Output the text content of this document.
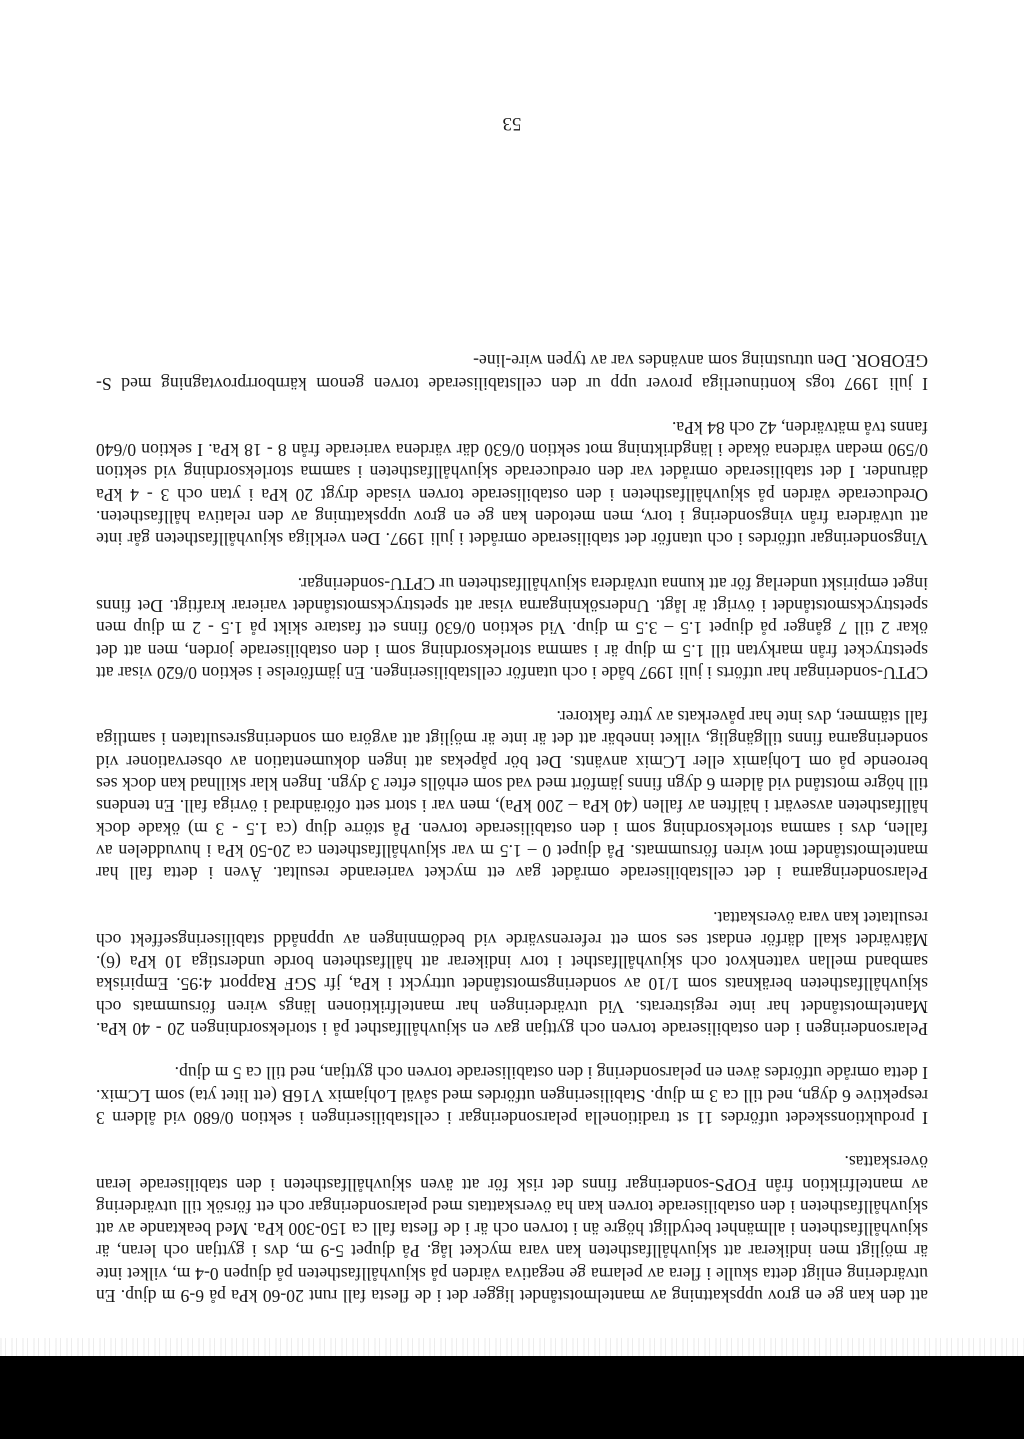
att den kan ge en grov uppskattning av mantelmotståndet ligger det i de flesta fall runt 20-60 kPa på 6-9 m djup. En utvärdering enligt detta skulle i flera av pelarna ge negativa värden på skjuvhållfastheten på djupen 0-4 m, vilket inte är möjligt men indikerar att skjuvhållfastheten kan vara mycket låg. På djupet 5-9 m, dvs i gyttjan och leran, är skjuvhållfastheten i allmänhet betydligt högre än i torven och är i de flesta fall ca 150-300 kPa. Med beaktande av att skjuvhållfastheten i den ostabiliserade torven kan ha överskattats med pelarsonderingar och ett försök till utvärdering av mantelfriktion från FOPS-sonderingar finns det risk för att även skjuvhållfastheten i den stabiliserade leran överskattas.

I produktionsskedet utfördes 11 st traditionella pelarsonderingar i cellstabiliseringen i sektion 0/680 vid åldern 3 respektive 6 dygn, ned till ca 3 m djup. Stabiliseringen utfördes med såväl Lohjamix V16B (ett litet yta) som LCmix. I detta område utfördes även en pelarsondering i den ostabiliserade torven och gyttjan, ned till ca 5 m djup.

Pelarsonderingen i den ostabiliserade torven och gyttjan gav en skjuvhållfasthet på i storleksordningen 20 - 40 kPa. Mantelmotståndet har inte registrerats. Vid utvärderingen har mantelfriktionen längs wiren försummats och skjuvhållfastheten beräknats som 1/10 av sonderingsmotståndet uttryckt i kPa, jfr SGF Rapport 4:95. Empiriska samband mellan vattenkvot och skjuvhållfasthet i torv indikerar att hållfastheten borde understiga 10 kPa (6). Mätvärdet skall därför endast ses som ett referensvärde vid bedömningen av uppnådd stabiliseringseffekt och resultatet kan vara överskattat.

Pelarsonderingarna i det cellstabiliserade området gav ett mycket varierande resultat. Även i detta fall har mantelmotståndet mot wiren försummats. På djupet 0 – 1.5 m var skjuvhållfastheten ca 20-50 kPa i huvuddelen av fallen, dvs i samma storleksordning som i den ostabiliserade torven. På större djup (ca 1.5 - 3 m) ökade dock hållfastheten avsevärt i hälften av fallen (40 kPa – 200 kPa), men var i stort sett oförändrad i övriga fall. En tendens till högre motstånd vid åldern 6 dygn finns jämfört med vad som erhölls efter 3 dygn. Ingen klar skillnad kan dock ses beroende på om Lohjamix eller LCmix använts. Det bör påpekas att ingen dokumentation av observationer vid sonderingarna finns tillgänglig, vilket innebär att det är inte är möjligt att avgöra om sonderingsresultaten i samtliga fall stämmer, dvs inte har påverkats av yttre faktorer.

CPTU-sonderingar har utförts i juli 1997 både i och utanför cellstabiliseringen. En jämförelse i sektion 0/620 visar att spetstrycket från markytan till 1.5 m djup är i samma storleksordning som i den ostabiliserade jorden, men att det ökar 2 till 7 gånger på djupet 1.5 – 3.5 m djup. Vid sektion 0/630 finns ett fastare skikt på 1.5 - 2 m djup men spetstrycksmotståndet i övrigt är lågt. Undersökningarna visar att spetstrycksmotståndet varierar kraftigt. Det finns inget empiriskt underlag för att kunna utvärdera skjuvhållfastheten ur CPTU-sonderingar.

Vingsonderingar utfördes i och utanför det stabiliserade området i juli 1997. Den verkliga skjuvhållfastheten går inte att utvärdera från vingsondering i torv, men metoden kan ge en grov uppskattning av den relativa hållfastheten. Oreducerade värden på skjuvhållfastheten i den ostabiliserade torven visade drygt 20 kPa i ytan och 3 - 4 kPa därunder. I det stabiliserade området var den oreducerade skjuvhållfastheten i samma storleksordning vid sektion 0/590 medan värdena ökade i längdriktning mot sektion 0/630 där värdena varierade från 8 - 18 kPa. I sektion 0/640 fanns två mätvärden, 42 och 84 kPa.

I juli 1997 togs kontinuerliga prover upp ur den cellstabiliserade torven genom kärnborrprovtagning med S-GEOBOR. Den utrustning som användes var av typen wire-line-

53
